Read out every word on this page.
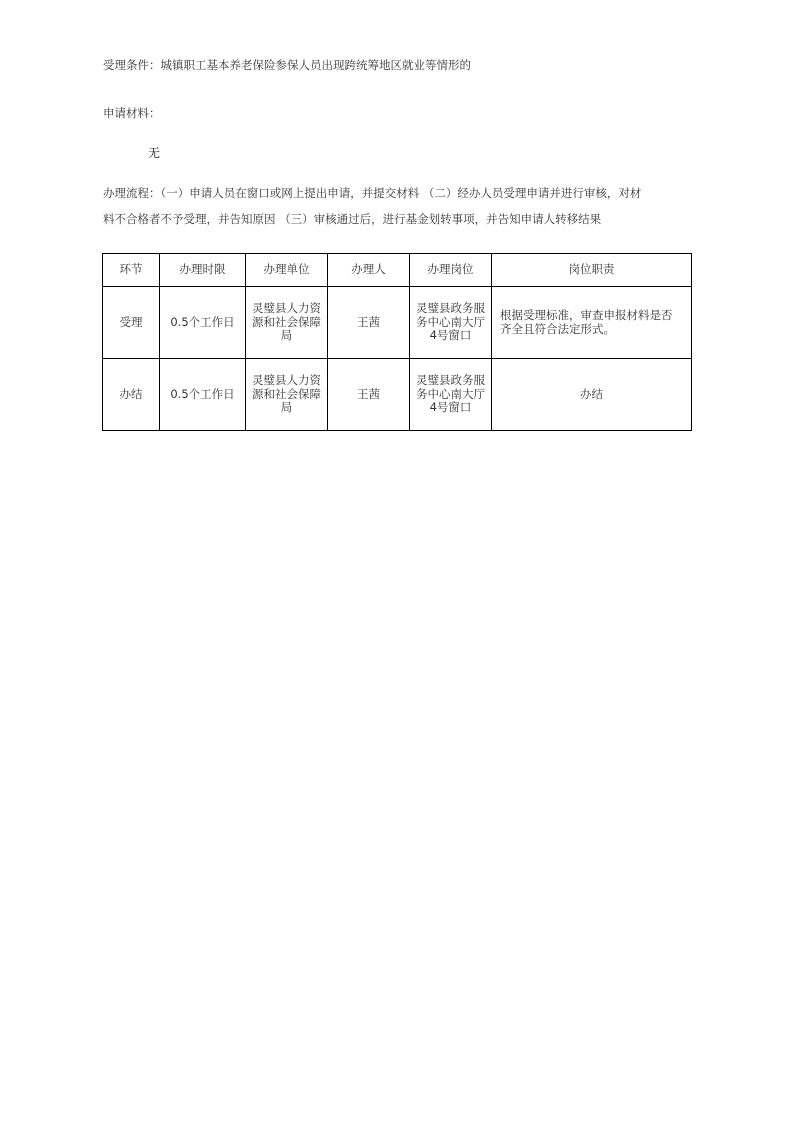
受理条件：城镇职工基本养老保险参保人员出现跨统筹地区就业等情形的
申请材料：
无
办理流程：（一）申请人员在窗口或网上提出申请，并提交材料 （二）经办人员受理申请并进行审核，对材
料不合格者不予受理，并告知原因 （三）审核通过后，进行基金划转事项，并告知申请人转移结果
环节	办理时限	办理单位	办理人	办理岗位	岗位职责
受理	0.5个工作日	灵璧县人力资源和社会保障局	王茜	灵璧县政务服务中心南大厅4号窗口	根据受理标准，审查申报材料是否齐全且符合法定形式。
办结	0.5个工作日	灵璧县人力资源和社会保障局	王茜	灵璧县政务服务中心南大厅4号窗口	办结
